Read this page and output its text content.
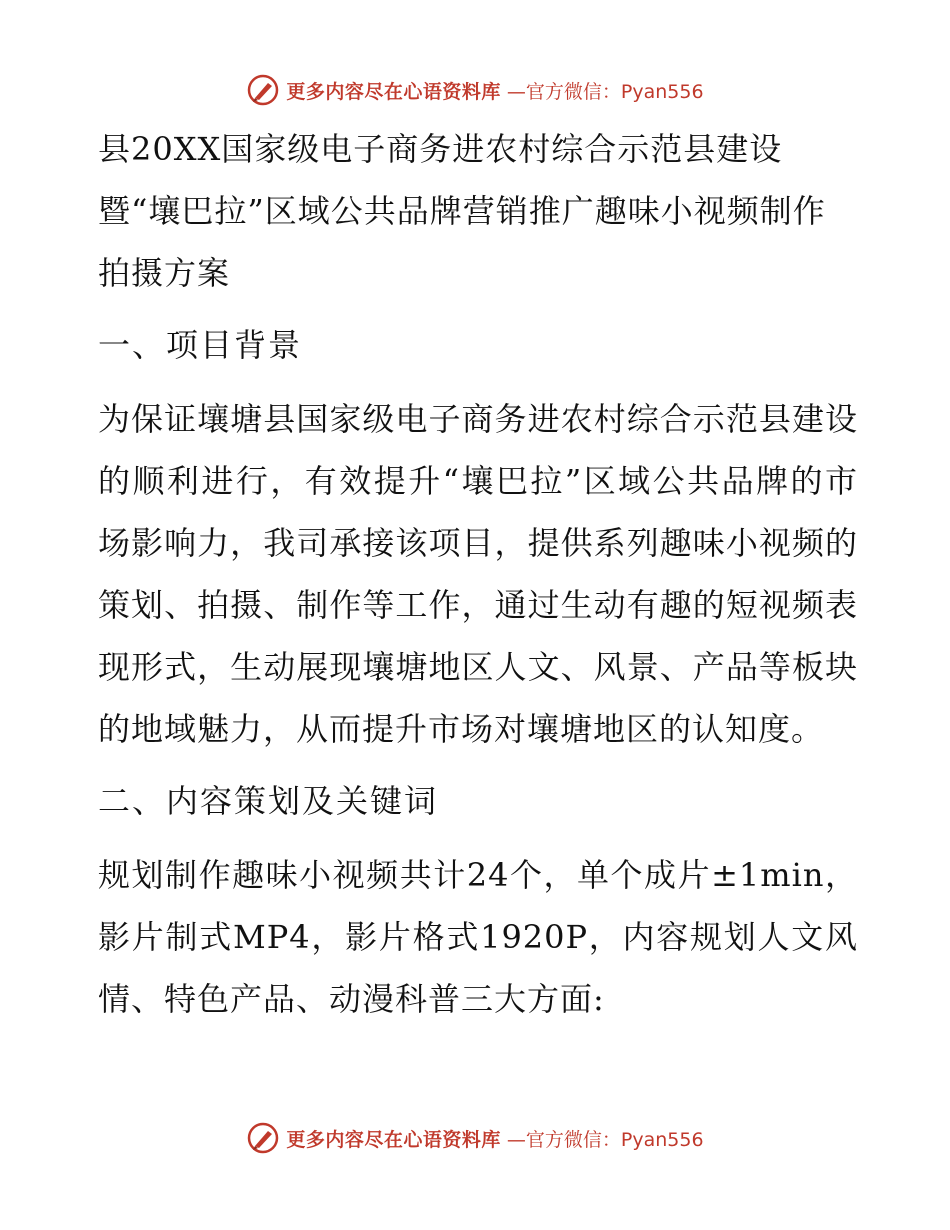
更多内容尽在心语资料库 —官方微信：Pyan556

县20XX国家级电子商务进农村综合示范县建设暨“壤巴拉”区域公共品牌营销推广趣味小视频制作拍摄方案

一、项目背景

为保证壤塘县国家级电子商务进农村综合示范县建设的顺利进行，有效提升“壤巴拉”区域公共品牌的市场影响力，我司承接该项目，提供系列趣味小视频的策划、拍摄、制作等工作，通过生动有趣的短视频表现形式，生动展现壤塘地区人文、风景、产品等板块的地域魅力，从而提升市场对壤塘地区的认知度。

二、内容策划及关键词

规划制作趣味小视频共计24个，单个成片±1min，影片制式MP4，影片格式1920P，内容规划人文风情、特色产品、动漫科普三大方面:

更多内容尽在心语资料库 —官方微信：Pyan556
